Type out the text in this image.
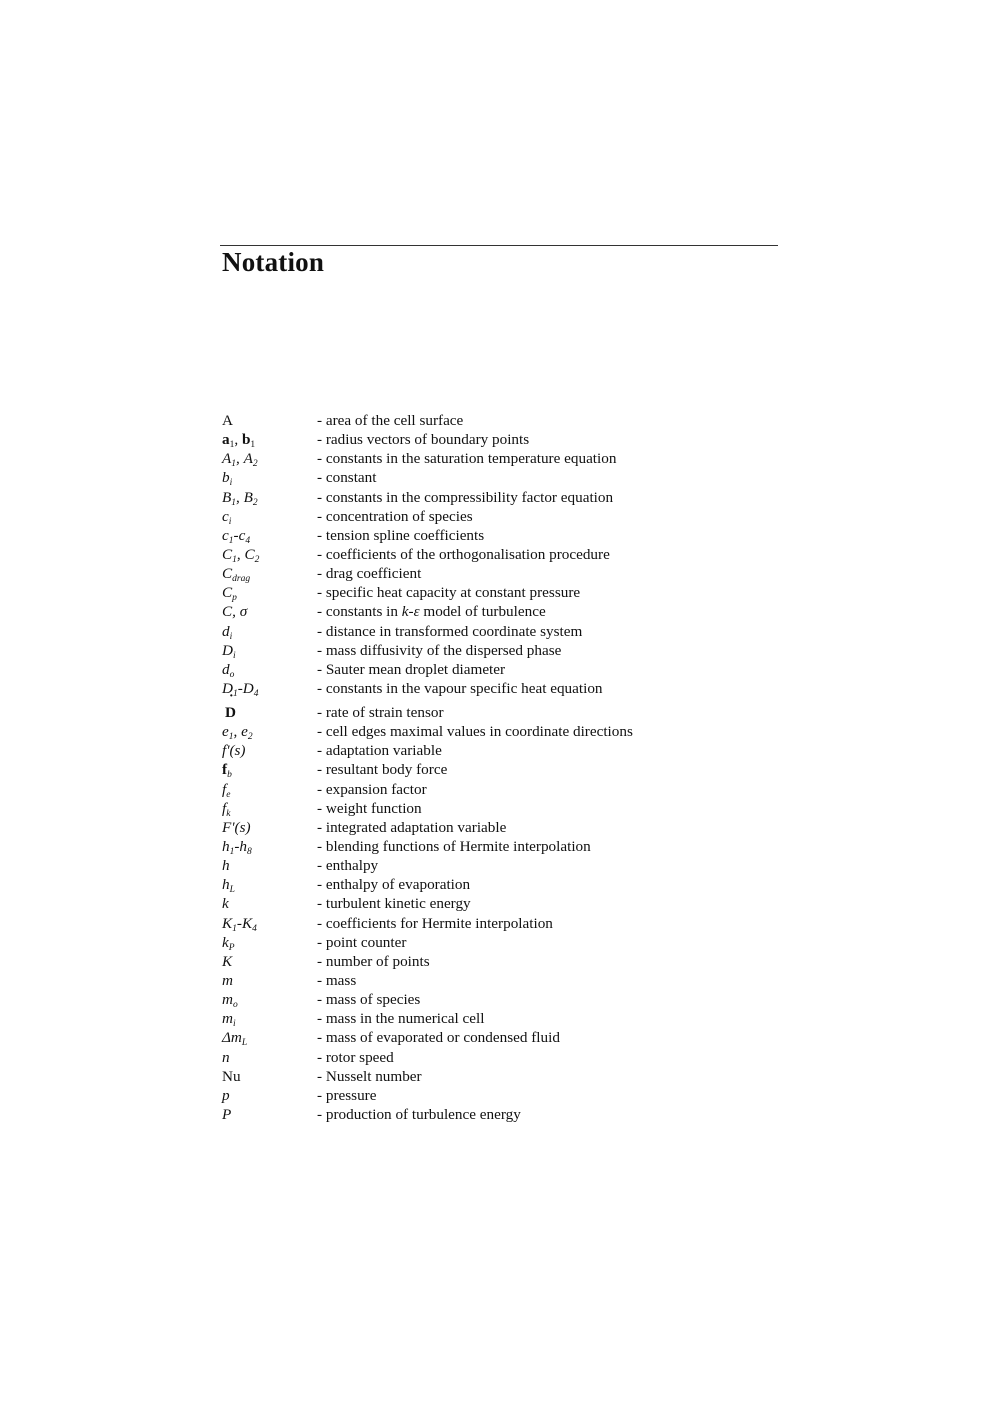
Notation
A	- area of the cell surface
$a_1$, $b_1$	- radius vectors of boundary points
$A_1$, $A_2$	- constants in the saturation temperature equation
$b_i$	- constant
$B_1$, $B_2$	- constants in the compressibility factor equation
$c_i$	- concentration of species
$c_1-c_4$	- tension spline coefficients
$C_1$, $C_2$	- coefficients of the orthogonalisation procedure
$C_{drag}$	- drag coefficient
$C_p$	- specific heat capacity at constant pressure
C, σ	- constants in k-ε model of turbulence
$d_i$	- distance in transformed coordinate system
$D_i$	- mass diffusivity of the dispersed phase
$d_o$	- Sauter mean droplet diameter
$D_1-D_4$	- constants in the vapour specific heat equation
· D	- rate of strain tensor
$e_1$, $e_2$	- cell edges maximal values in coordinate directions
f'(s)	- adaptation variable
$f_b$	- resultant body force
$f_e$	- expansion factor
$f_k$	- weight function
F'(s)	- integrated adaptation variable
$h_1-h_8$	- blending functions of Hermite interpolation
h	- enthalpy
$h_L$	- enthalpy of evaporation
k	- turbulent kinetic energy
$K_1-K_4$	- coefficients for Hermite interpolation
$k_P$	- point counter
K	- number of points
m	- mass
$m_o$	- mass of species
$m_i$	- mass in the numerical cell
$\Delta m_L$	- mass of evaporated or condensed fluid
n	- rotor speed
Nu	- Nusselt number
p	- pressure
P	- production of turbulence energy
